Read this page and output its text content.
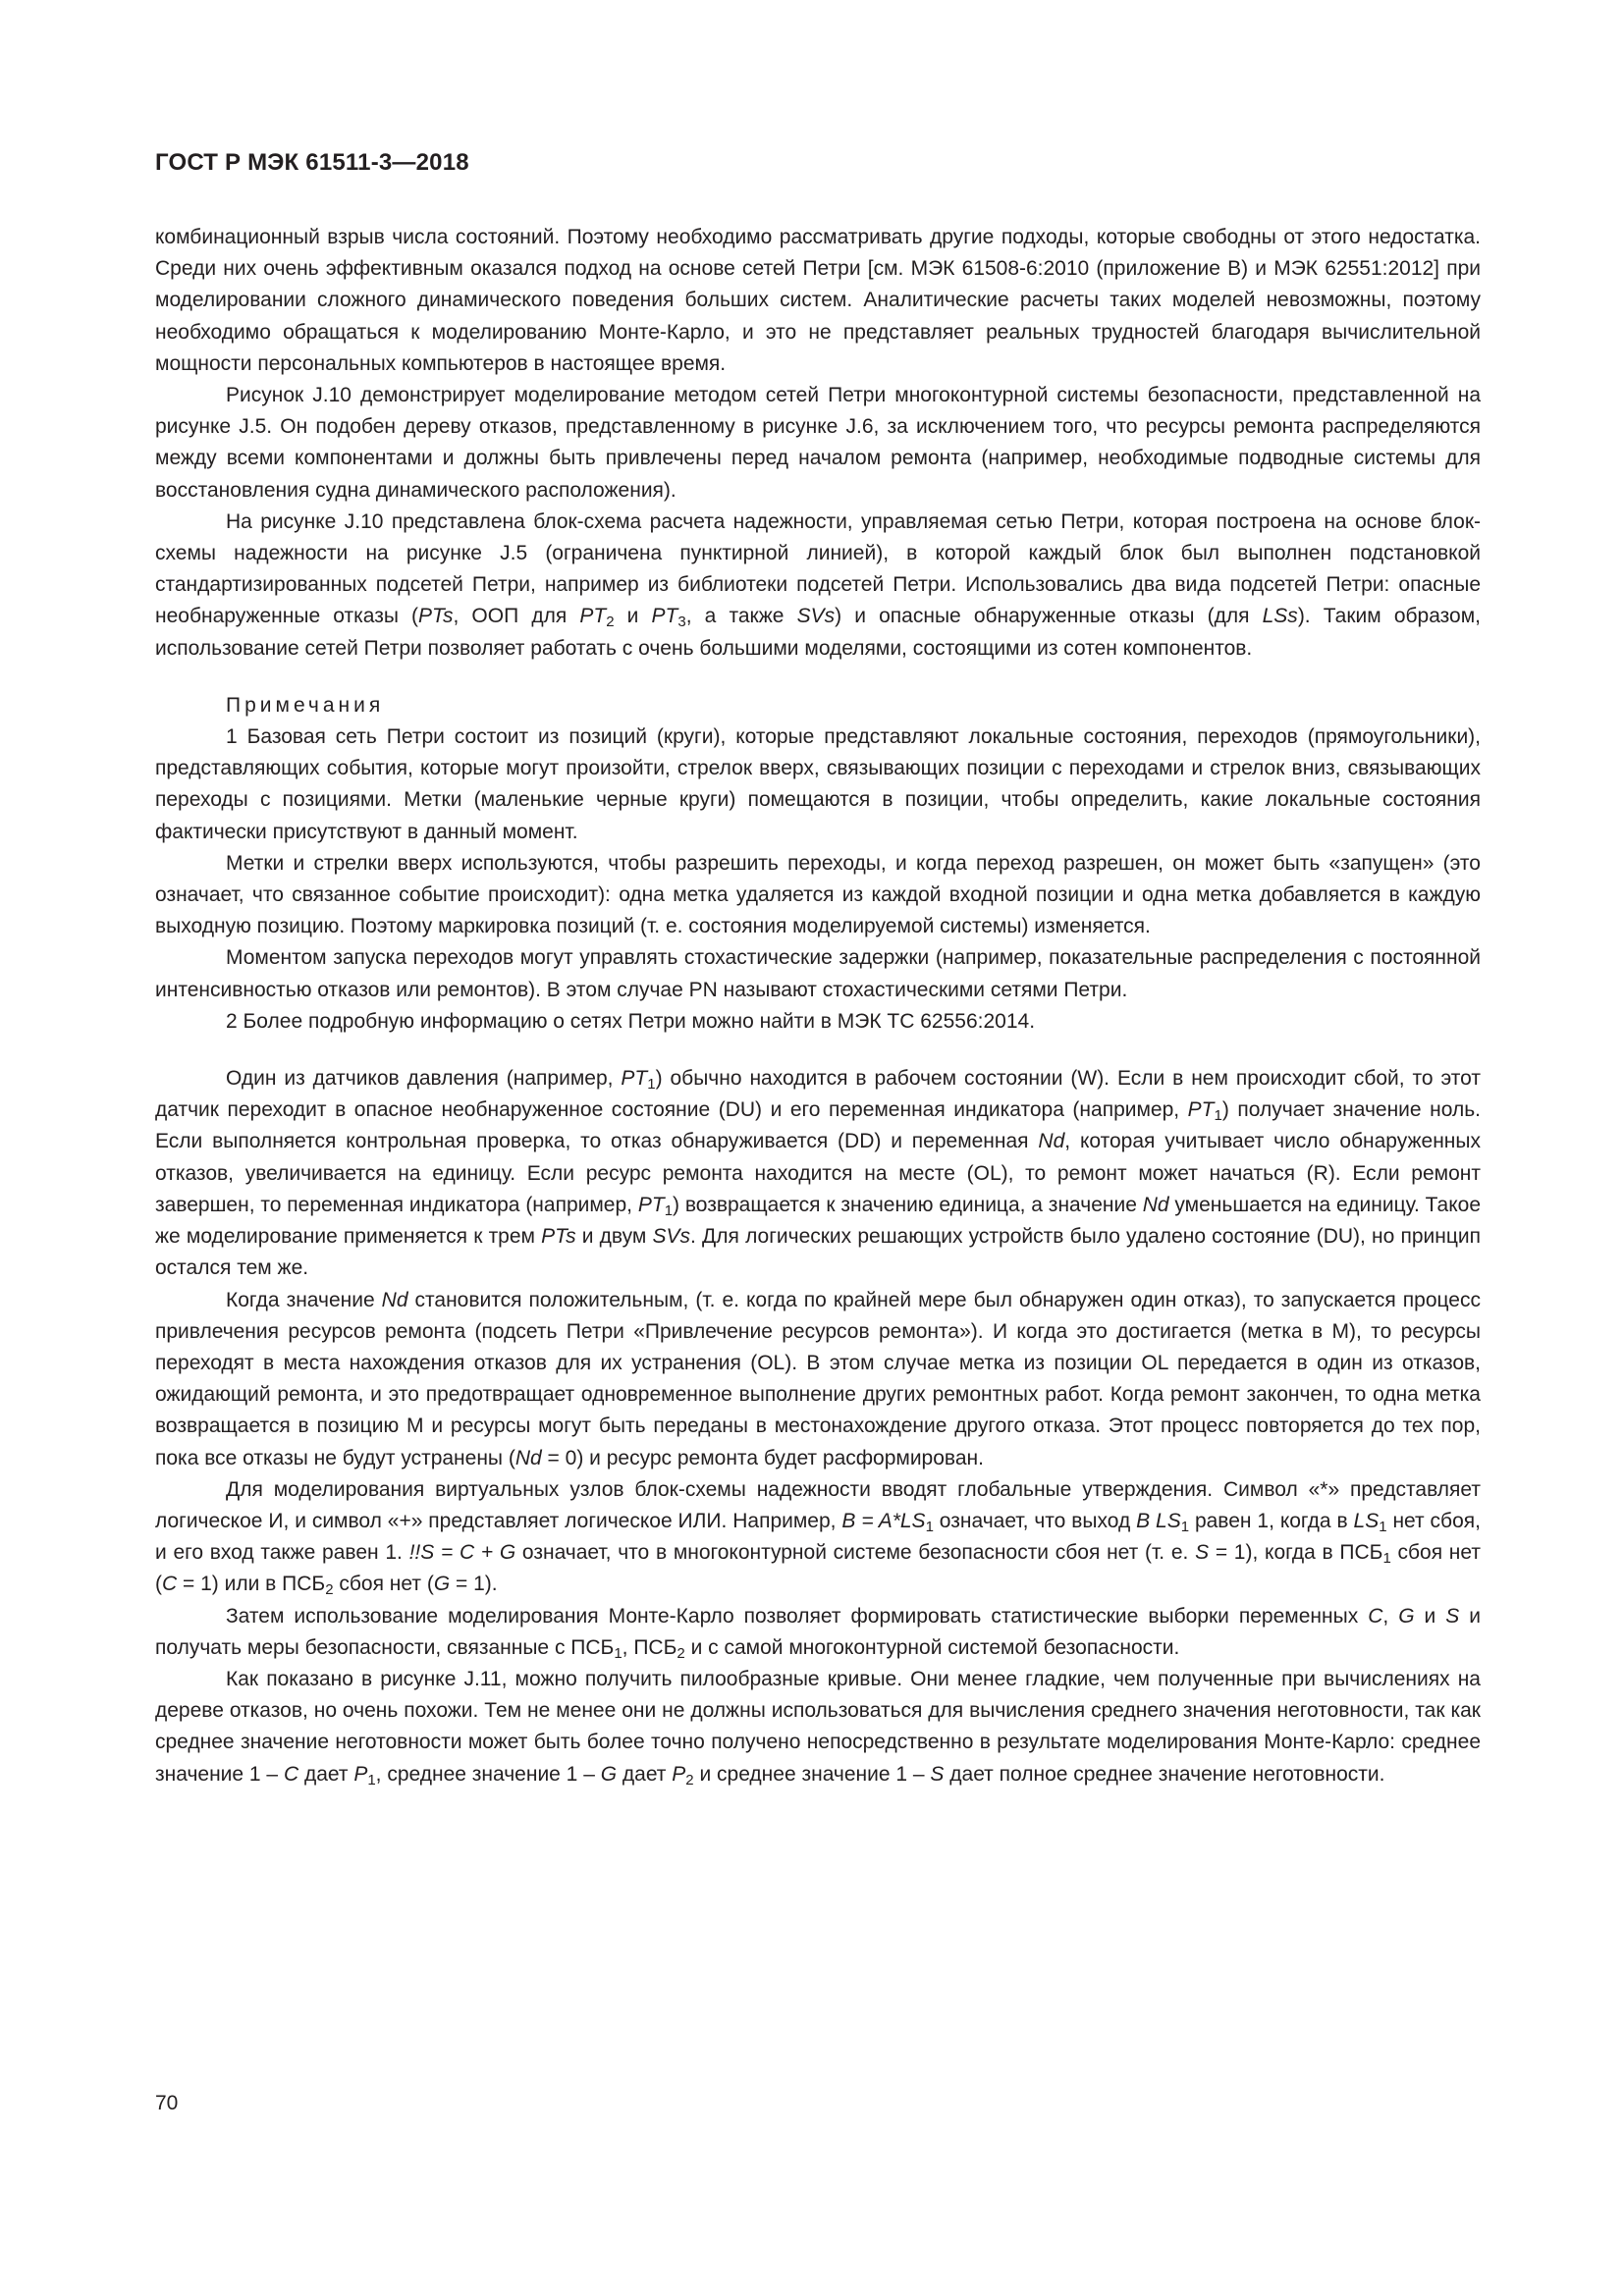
ГОСТ Р МЭК 61511-3—2018

комбинационный взрыв числа состояний. Поэтому необходимо рассматривать другие подходы, которые свободны от этого недостатка. Среди них очень эффективным оказался подход на основе сетей Петри [см. МЭК 61508-6:2010 (приложение В) и МЭК 62551:2012] при моделировании сложного динамического поведения больших систем. Аналитические расчеты таких моделей невозможны, поэтому необходимо обращаться к моделированию Монте-Карло, и это не представляет реальных трудностей благодаря вычислительной мощности персональных компьютеров в настоящее время.

Рисунок J.10 демонстрирует моделирование методом сетей Петри многоконтурной системы безопасности, представленной на рисунке J.5. Он подобен дереву отказов, представленному в рисунке J.6, за исключением того, что ресурсы ремонта распределяются между всеми компонентами и должны быть привлечены перед началом ремонта (например, необходимые подводные системы для восстановления судна динамического расположения).

На рисунке J.10 представлена блок-схема расчета надежности, управляемая сетью Петри, которая построена на основе блок-схемы надежности на рисунке J.5 (ограничена пунктирной линией), в которой каждый блок был выполнен подстановкой стандартизированных подсетей Петри, например из библиотеки подсетей Петри. Использовались два вида подсетей Петри: опасные необнаруженные отказы (PTs, ООП для $PT_2$ и $PT_3$, а также SVs) и опасные обнаруженные отказы (для LSs). Таким образом, использование сетей Петри позволяет работать с очень большими моделями, состоящими из сотен компонентов.

Примечания

1 Базовая сеть Петри состоит из позиций (круги), которые представляют локальные состояния, переходов (прямоугольники), представляющих события, которые могут произойти, стрелок вверх, связывающих позиции с переходами и стрелок вниз, связывающих переходы с позициями. Метки (маленькие черные круги) помещаются в позиции, чтобы определить, какие локальные состояния фактически присутствуют в данный момент.

Метки и стрелки вверх используются, чтобы разрешить переходы, и когда переход разрешен, он может быть «запущен» (это означает, что связанное событие происходит): одна метка удаляется из каждой входной позиции и одна метка добавляется в каждую выходную позицию. Поэтому маркировка позиций (т. е. состояния моделируемой системы) изменяется.

Моментом запуска переходов могут управлять стохастические задержки (например, показательные распределения с постоянной интенсивностью отказов или ремонтов). В этом случае PN называют стохастическими сетями Петри.

2 Более подробную информацию о сетях Петри можно найти в МЭК ТС 62556:2014.

Один из датчиков давления (например, $PT_1$) обычно находится в рабочем состоянии (W). Если в нем происходит сбой, то этот датчик переходит в опасное необнаруженное состояние (DU) и его переменная индикатора (например, $PT_1$) получает значение ноль. Если выполняется контрольная проверка, то отказ обнаруживается (DD) и переменная Nd, которая учитывает число обнаруженных отказов, увеличивается на единицу. Если ресурс ремонта находится на месте (OL), то ремонт может начаться (R). Если ремонт завершен, то переменная индикатора (например, $PT_1$) возвращается к значению единица, а значение Nd уменьшается на единицу. Такое же моделирование применяется к трем PTs и двум SVs. Для логических решающих устройств было удалено состояние (DU), но принцип остался тем же.

Когда значение Nd становится положительным, (т. е. когда по крайней мере был обнаружен один отказ), то запускается процесс привлечения ресурсов ремонта (подсеть Петри «Привлечение ресурсов ремонта»). И когда это достигается (метка в M), то ресурсы переходят в места нахождения отказов для их устранения (OL). В этом случае метка из позиции OL передается в один из отказов, ожидающий ремонта, и это предотвращает одновременное выполнение других ремонтных работ. Когда ремонт закончен, то одна метка возвращается в позицию M и ресурсы могут быть переданы в местонахождение другого отказа. Этот процесс повторяется до тех пор, пока все отказы не будут устранены (Nd = 0) и ресурс ремонта будет расформирован.

Для моделирования виртуальных узлов блок-схемы надежности вводят глобальные утверждения. Символ «*» представляет логическое И, и символ «+» представляет логическое ИЛИ. Например, $B = A*LS_1$ означает, что выход B $LS_1$ равен 1, когда в $LS_1$ нет сбоя, и его вход также равен 1. !!S = C + G означает, что в многоконтурной системе безопасности сбоя нет (т. е. S = 1), когда в $ПСБ_1$ сбоя нет (C = 1) или в $ПСБ_2$ сбоя нет (G = 1).

Затем использование моделирования Монте-Карло позволяет формировать статистические выборки переменных C, G и S и получать меры безопасности, связанные с $ПСБ_1$, $ПСБ_2$ и с самой многоконтурной системой безопасности.

Как показано в рисунке J.11, можно получить пилообразные кривые. Они менее гладкие, чем полученные при вычислениях на дереве отказов, но очень похожи. Тем не менее они не должны использоваться для вычисления среднего значения неготовности, так как среднее значение неготовности может быть более точно получено непосредственно в результате моделирования Монте-Карло: среднее значение 1 – C дает $P_1$, среднее значение 1 – G дает $P_2$ и среднее значение 1 – S дает полное среднее значение неготовности.

70
